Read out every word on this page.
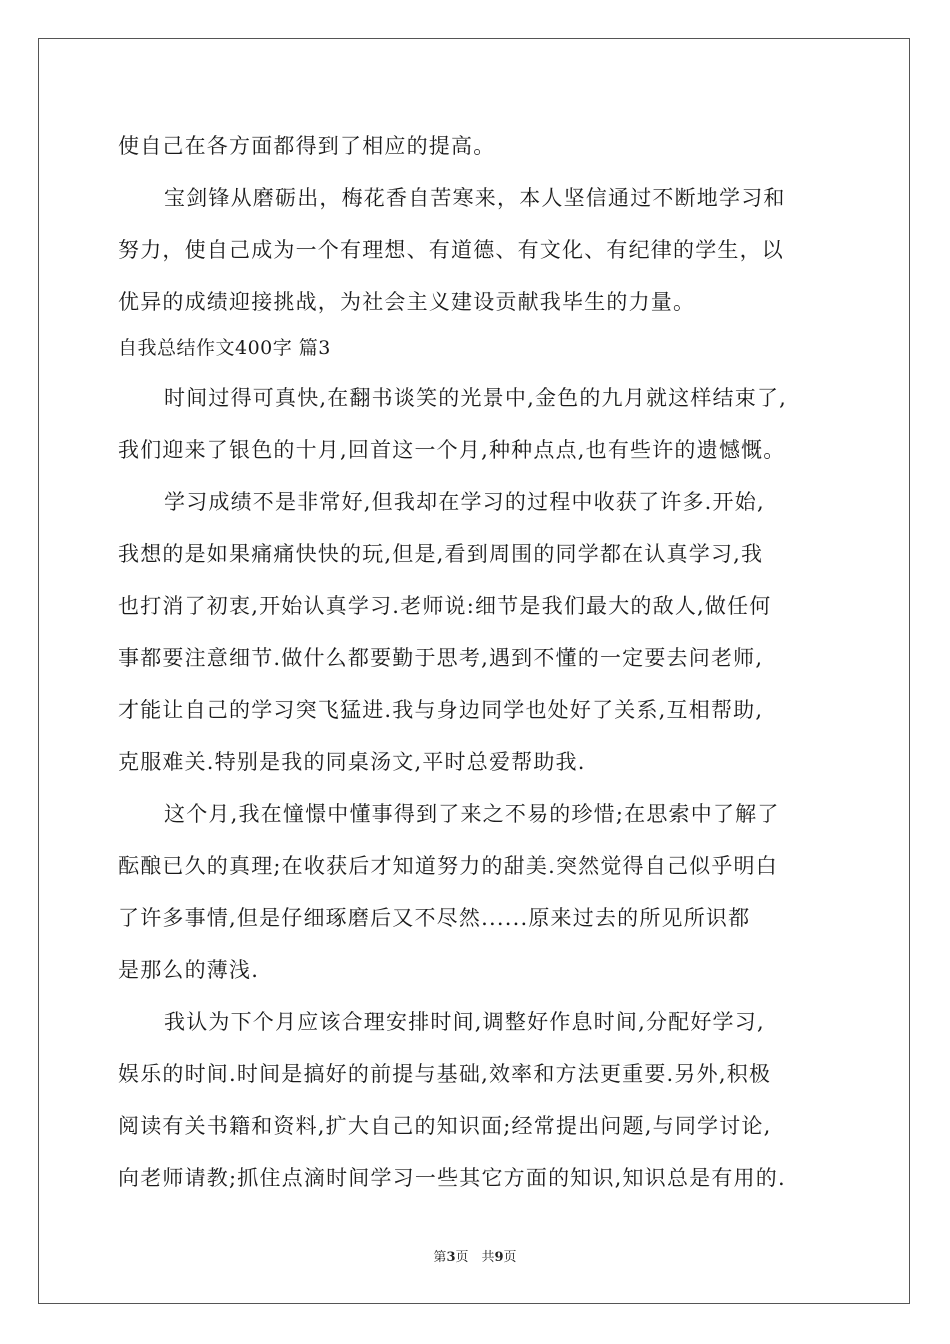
使自己在各方面都得到了相应的提高。
宝剑锋从磨砺出，梅花香自苦寒来，本人坚信通过不断地学习和
努力，使自己成为一个有理想、有道德、有文化、有纪律的学生，以
优异的成绩迎接挑战，为社会主义建设贡献我毕生的力量。
自我总结作文400字 篇3
时间过得可真快,在翻书谈笑的光景中,金色的九月就这样结束了,
我们迎来了银色的十月,回首这一个月,种种点点,也有些许的遗憾慨。
学习成绩不是非常好,但我却在学习的过程中收获了许多.开始,
我想的是如果痛痛快快的玩,但是,看到周围的同学都在认真学习,我
也打消了初衷,开始认真学习.老师说:细节是我们最大的敌人,做任何
事都要注意细节.做什么都要勤于思考,遇到不懂的一定要去问老师,
才能让自己的学习突飞猛进.我与身边同学也处好了关系,互相帮助,
克服难关.特别是我的同桌汤文,平时总爱帮助我.
这个月,我在憧憬中懂事得到了来之不易的珍惜;在思索中了解了
酝酿已久的真理;在收获后才知道努力的甜美.突然觉得自己似乎明白
了许多事情,但是仔细琢磨后又不尽然......原来过去的所见所识都
是那么的薄浅.
我认为下个月应该合理安排时间,调整好作息时间,分配好学习,
娱乐的时间.时间是搞好的前提与基础,效率和方法更重要.另外,积极
阅读有关书籍和资料,扩大自己的知识面;经常提出问题,与同学讨论,
向老师请教;抓住点滴时间学习一些其它方面的知识,知识总是有用的.
第3页　共9页
